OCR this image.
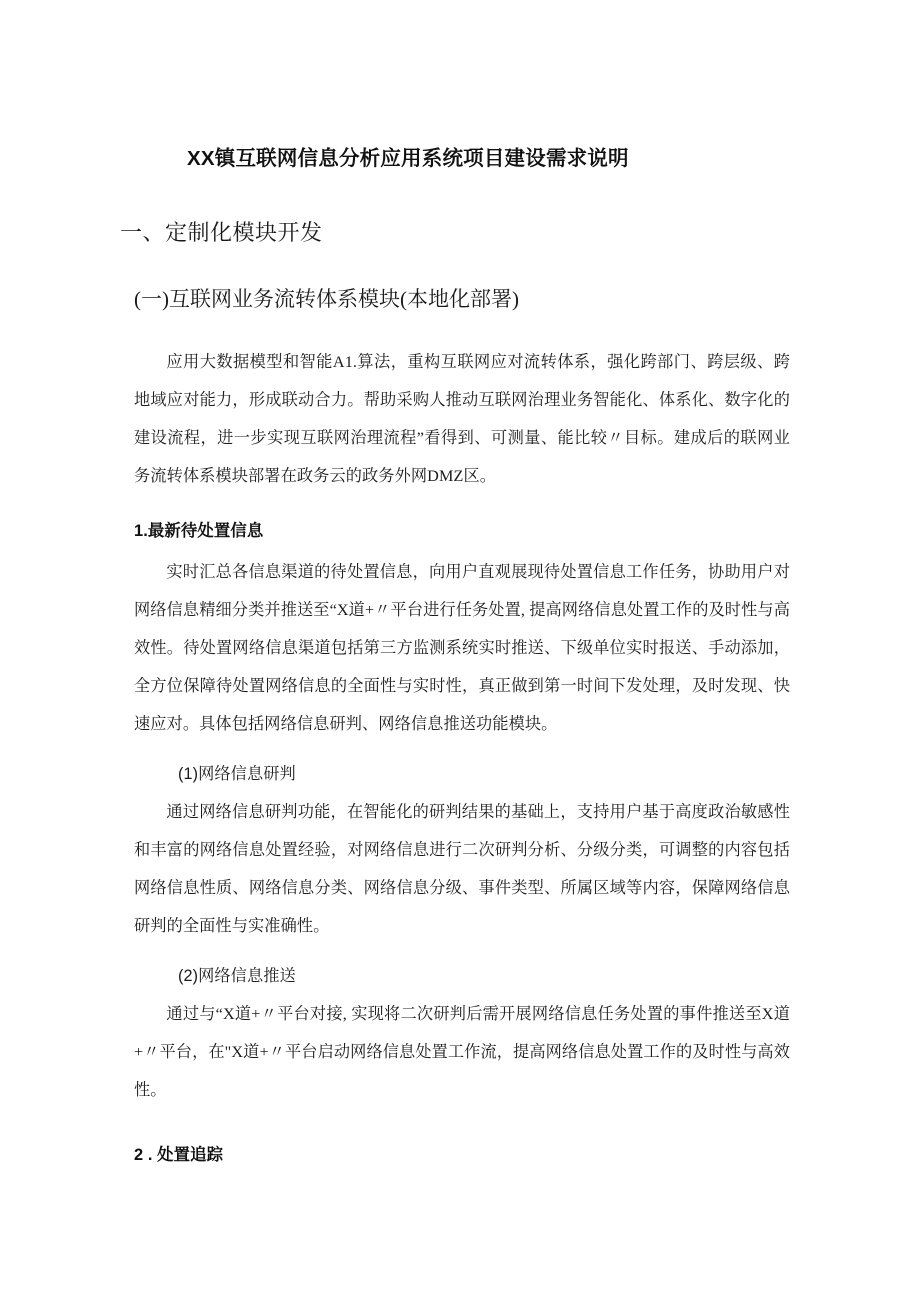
XX镇互联网信息分析应用系统项目建设需求说明
一、定制化模块开发
(一)互联网业务流转体系模块(本地化部署)

应用大数据模型和智能A1.算法，重构互联网应对流转体系，强化跨部门、跨层级、跨地域应对能力，形成联动合力。帮助采购人推动互联网治理业务智能化、体系化、数字化的建设流程，进一步实现互联网治理流程”看得到、可测量、能比较〃目标。建成后的联网业务流转体系模块部署在政务云的政务外网DMZ区。

1.最新待处置信息

实时汇总各信息渠道的待处置信息，向用户直观展现待处置信息工作任务，协助用户对网络信息精细分类并推送至“X道+〃平台进行任务处置, 提高网络信息处置工作的及时性与高效性。待处置网络信息渠道包括第三方监测系统实时推送、下级单位实时报送、手动添加，全方位保障待处置网络信息的全面性与实时性，真正做到第一时间下发处理，及时发现、快速应对。具体包括网络信息研判、网络信息推送功能模块。

(1)网络信息研判

通过网络信息研判功能，在智能化的研判结果的基础上，支持用户基于高度政治敏感性和丰富的网络信息处置经验，对网络信息进行二次研判分析、分级分类，可调整的内容包括网络信息性质、网络信息分类、网络信息分级、事件类型、所属区域等内容，保障网络信息研判的全面性与实准确性。

(2)网络信息推送

通过与“X道+〃平台对接, 实现将二次研判后需开展网络信息任务处置的事件推送至X道+〃平台，在"X道+〃平台启动网络信息处置工作流，提高网络信息处置工作的及时性与高效性。

2 . 处置追踪
